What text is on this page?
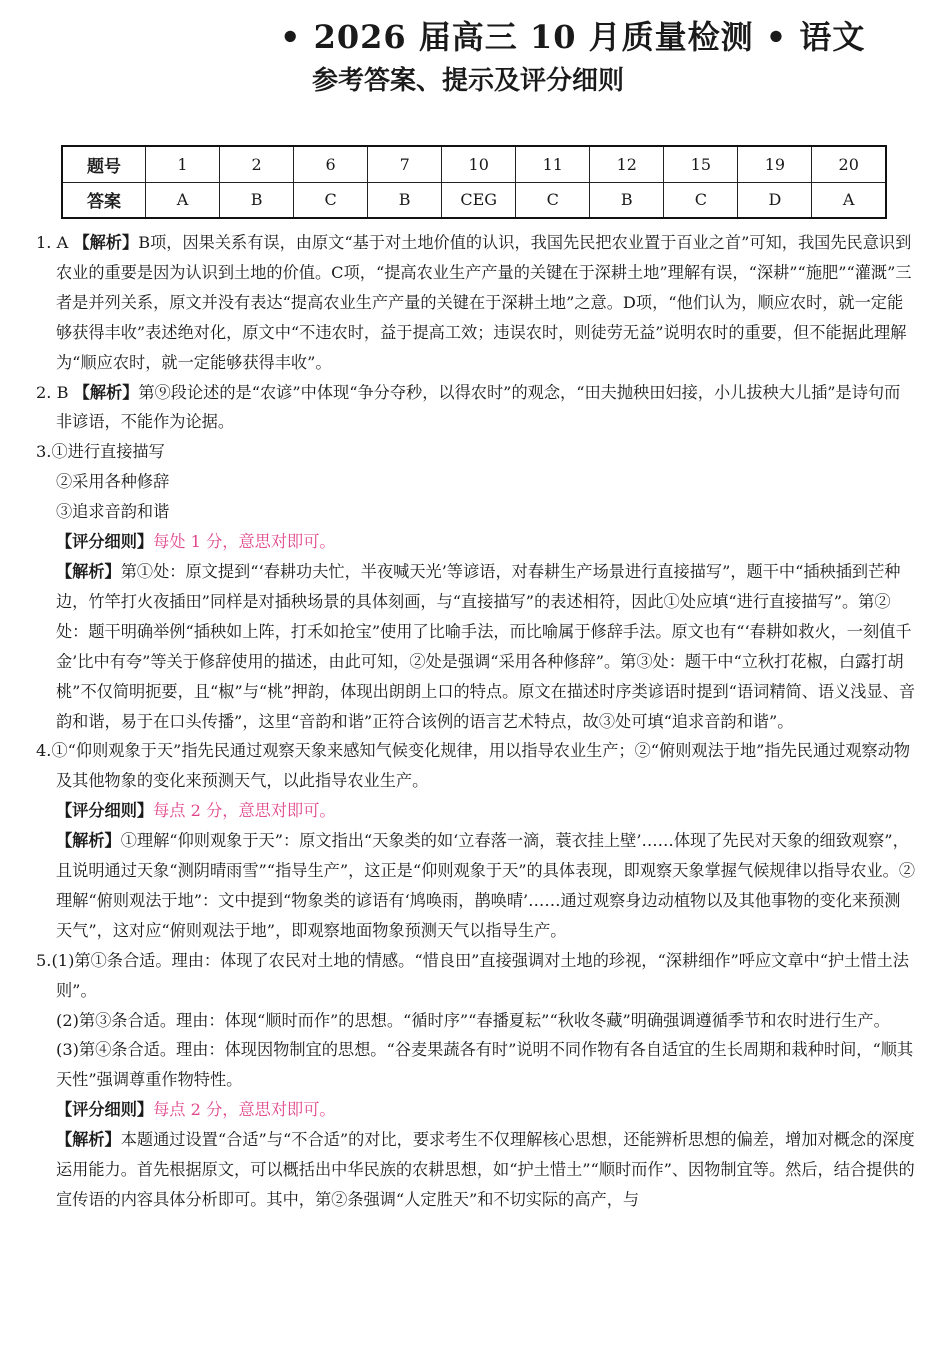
• 2026 届高三 10 月质量检测 • 语文
参考答案、提示及评分细则
题号	1	2	6	7	10	11	12	15	19	20
答案	A	B	C	B	CEG	C	B	C	D	A

1. A 【解析】B项，因果关系有误，由原文“基于对土地价值的认识，我国先民把农业置于百业之首”可知，我国先民意识到农业的重要是因为认识到土地的价值。C项，“提高农业生产产量的关键在于深耕土地”理解有误，“深耕”“施肥”“灌溉”三者是并列关系，原文并没有表达“提高农业生产产量的关键在于深耕土地”之意。D项，“他们认为，顺应农时，就一定能够获得丰收”表述绝对化，原文中“不违农时，益于提高工效；违误农时，则徒劳无益”说明农时的重要，但不能据此理解为“顺应农时，就一定能够获得丰收”。

2. B 【解析】第⑨段论述的是“农谚”中体现“争分夺秒，以得农时”的观念，“田夫抛秧田妇接，小儿拔秧大儿插”是诗句而非谚语，不能作为论据。

3.①进行直接描写

②采用各种修辞

③追求音韵和谐

【评分细则】每处 1 分，意思对即可。

【解析】第①处：原文提到“‘春耕功夫忙，半夜喊天光’等谚语，对春耕生产场景进行直接描写”，题干中“插秧插到芒种边，竹竿打火夜插田”同样是对插秧场景的具体刻画，与“直接描写”的表述相符，因此①处应填“进行直接描写”。第②处：题干明确举例“插秧如上阵，打禾如抢宝”使用了比喻手法，而比喻属于修辞手法。原文也有“‘春耕如救火，一刻值千金’比中有夸”等关于修辞使用的描述，由此可知，②处是强调“采用各种修辞”。第③处：题干中“立秋打花椒，白露打胡桃”不仅简明扼要，且“椒”与“桃”押韵，体现出朗朗上口的特点。原文在描述时序类谚语时提到“语词精简、语义浅显、音韵和谐，易于在口头传播”，这里“音韵和谐”正符合该例的语言艺术特点，故③处可填“追求音韵和谐”。

4.①“仰则观象于天”指先民通过观察天象来感知气候变化规律，用以指导农业生产；②“俯则观法于地”指先民通过观察动物及其他物象的变化来预测天气，以此指导农业生产。

【评分细则】每点 2 分，意思对即可。

【解析】①理解“仰则观象于天”：原文指出“天象类的如‘立春落一滴，蓑衣挂上壁’……体现了先民对天象的细致观察”，且说明通过天象“测阴晴雨雪”“指导生产”，这正是“仰则观象于天”的具体表现，即观察天象掌握气候规律以指导农业。②理解“俯则观法于地”：文中提到“物象类的谚语有‘鸠唤雨，鹊唤晴’……通过观察身边动植物以及其他事物的变化来预测天气”，这对应“俯则观法于地”，即观察地面物象预测天气以指导生产。

5.(1)第①条合适。理由：体现了农民对土地的情感。“惜良田”直接强调对土地的珍视，“深耕细作”呼应文章中“护土惜土法则”。

(2)第③条合适。理由：体现“顺时而作”的思想。“循时序”“春播夏耘”“秋收冬藏”明确强调遵循季节和农时进行生产。

(3)第④条合适。理由：体现因物制宜的思想。“谷麦果蔬各有时”说明不同作物有各自适宜的生长周期和栽种时间，“顺其天性”强调尊重作物特性。

【评分细则】每点 2 分，意思对即可。

【解析】本题通过设置“合适”与“不合适”的对比，要求考生不仅理解核心思想，还能辨析思想的偏差，增加对概念的深度运用能力。首先根据原文，可以概括出中华民族的农耕思想，如“护土惜土”“顺时而作”、因物制宜等。然后，结合提供的宣传语的内容具体分析即可。其中，第②条强调“人定胜天”和不切实际的高产，与
